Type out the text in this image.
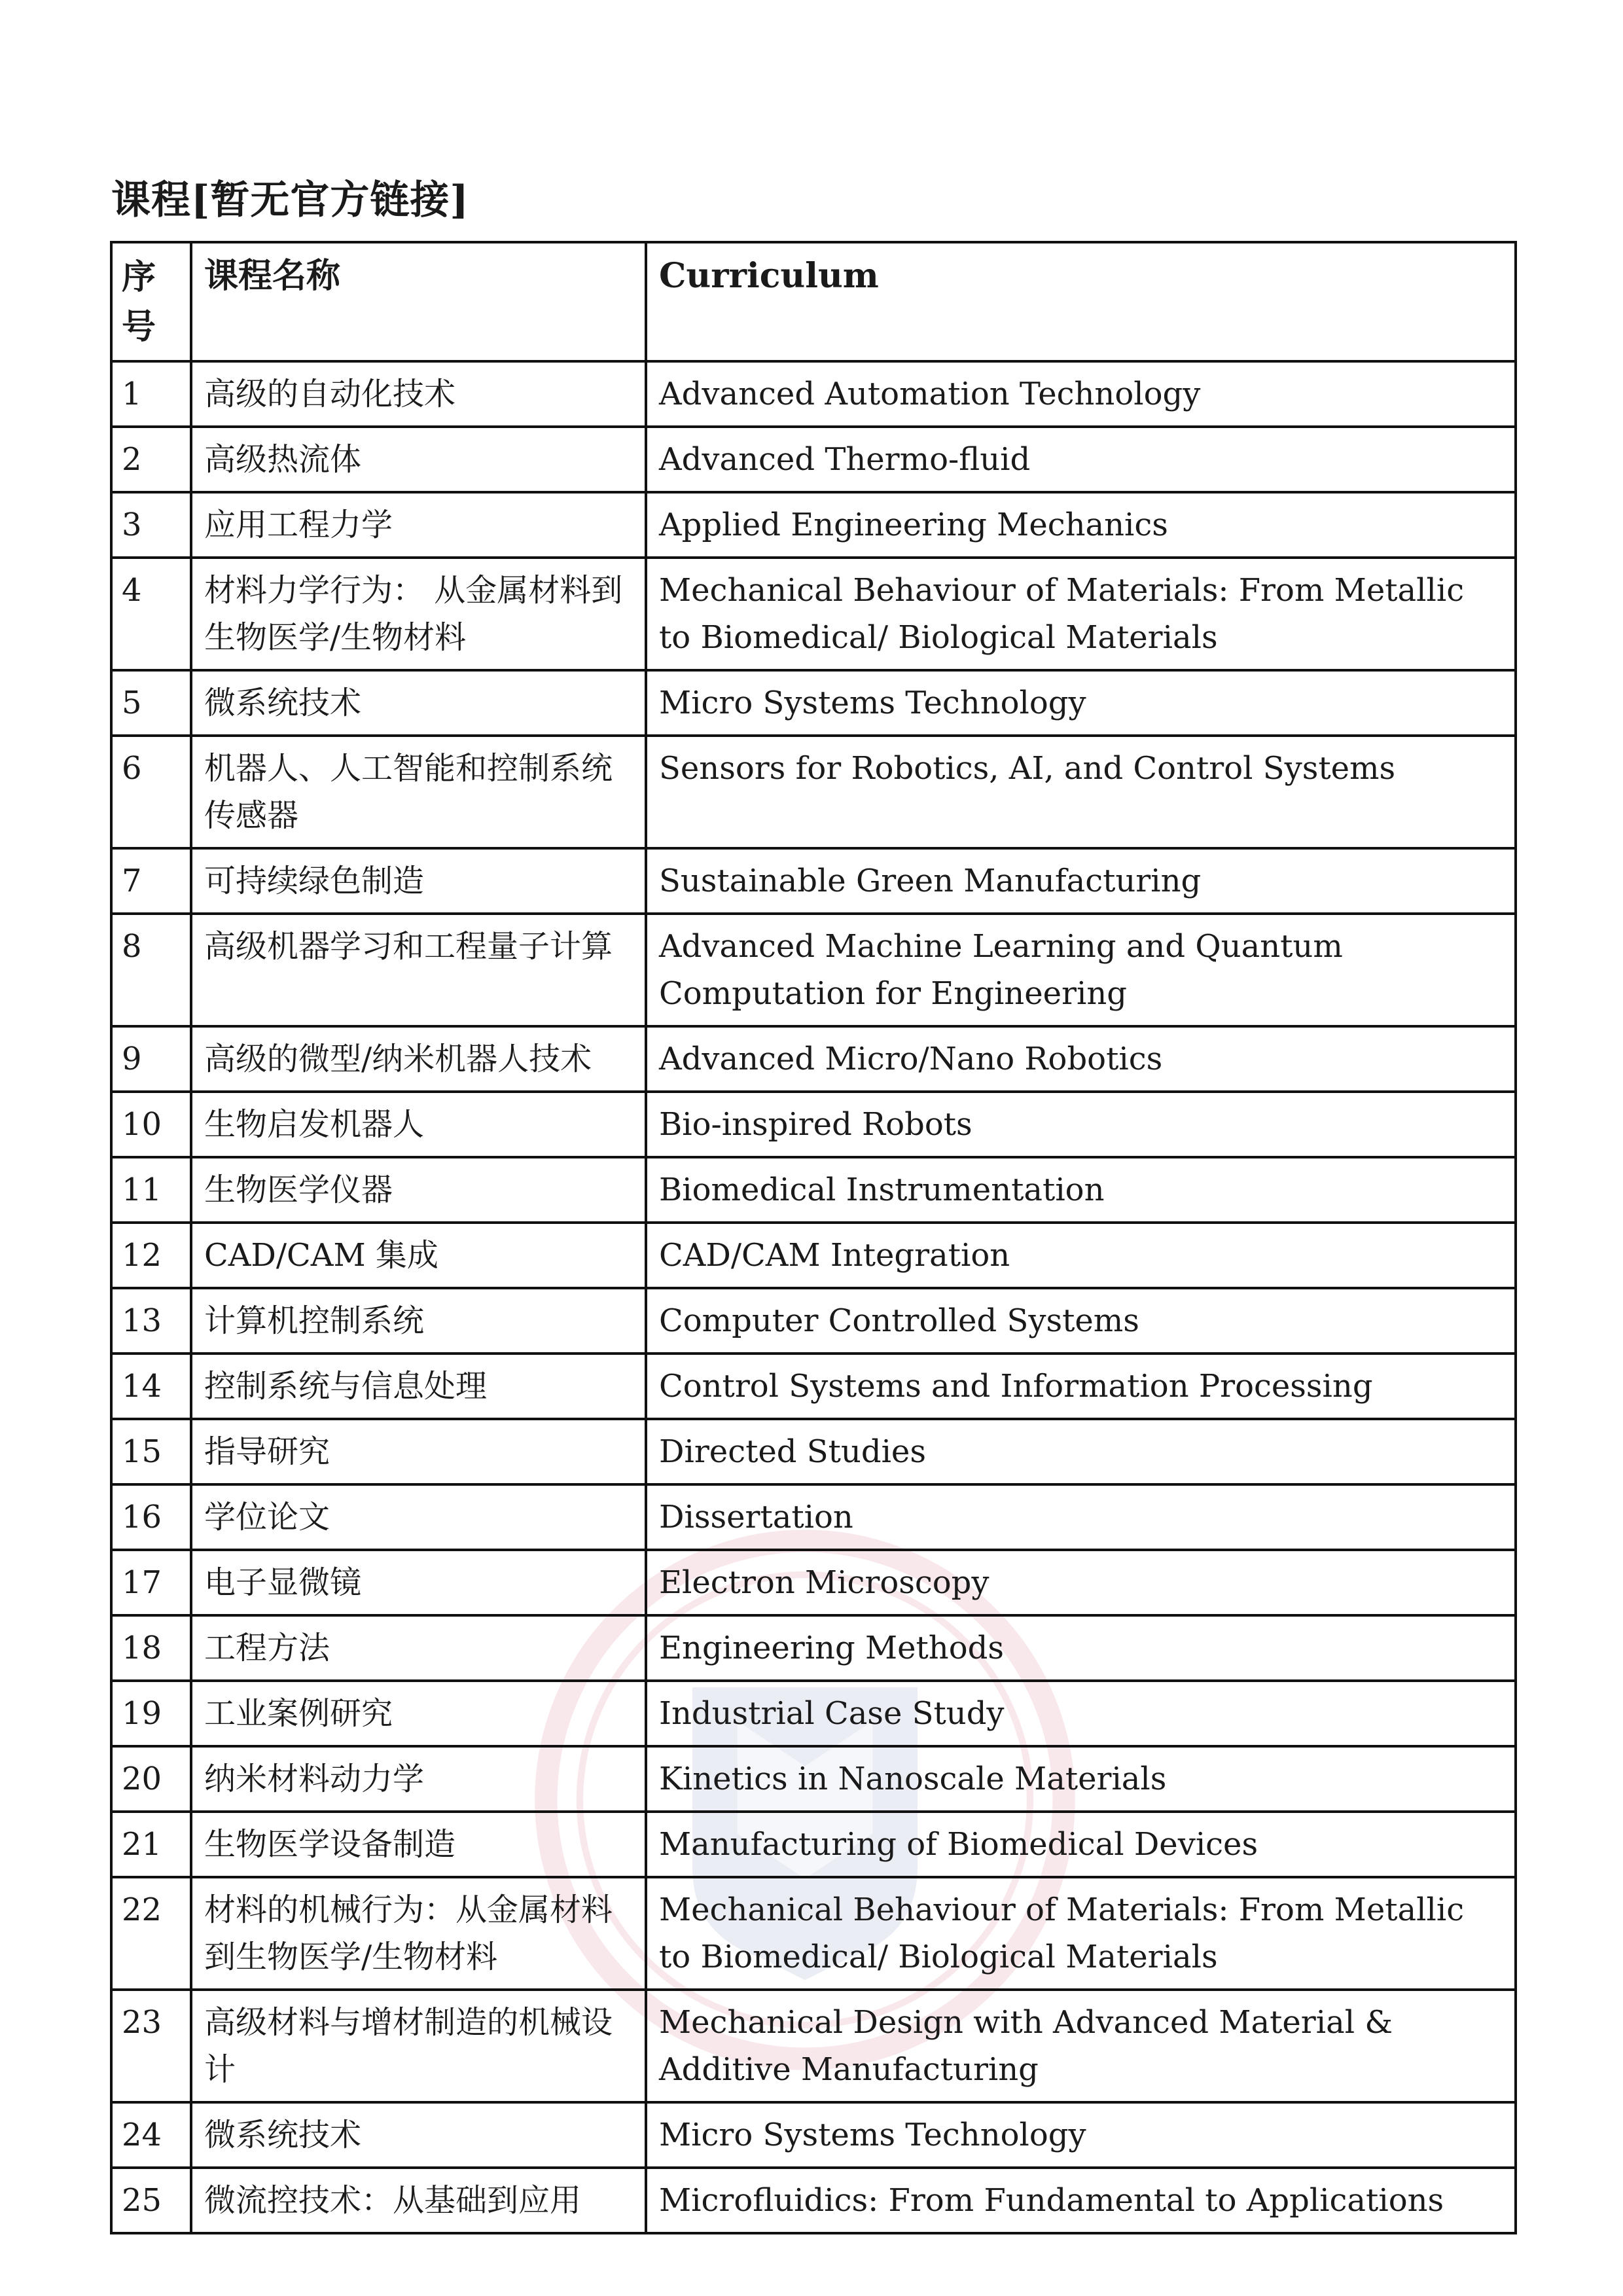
课程[暂无官方链接]
序号	课程名称	Curriculum
1	高级的自动化技术	Advanced Automation Technology
2	高级热流体	Advanced Thermo-fluid
3	应用工程力学	Applied Engineering Mechanics
4	材料力学行为： 从金属材料到生物医学/生物材料	Mechanical Behaviour of Materials: From Metallic to Biomedical/ Biological Materials
5	微系统技术	Micro Systems Technology
6	机器人、人工智能和控制系统传感器	Sensors for Robotics, AI, and Control Systems
7	可持续绿色制造	Sustainable Green Manufacturing
8	高级机器学习和工程量子计算	Advanced Machine Learning and Quantum Computation for Engineering
9	高级的微型/纳米机器人技术	Advanced Micro/Nano Robotics
10	生物启发机器人	Bio-inspired Robots
11	生物医学仪器	Biomedical Instrumentation
12	CAD/CAM 集成	CAD/CAM Integration
13	计算机控制系统	Computer Controlled Systems
14	控制系统与信息处理	Control Systems and Information Processing
15	指导研究	Directed Studies
16	学位论文	Dissertation
17	电子显微镜	Electron Microscopy
18	工程方法	Engineering Methods
19	工业案例研究	Industrial Case Study
20	纳米材料动力学	Kinetics in Nanoscale Materials
21	生物医学设备制造	Manufacturing of Biomedical Devices
22	材料的机械行为：从金属材料到生物医学/生物材料	Mechanical Behaviour of Materials: From Metallic to Biomedical/ Biological Materials
23	高级材料与增材制造的机械设计	Mechanical Design with Advanced Material & Additive Manufacturing
24	微系统技术	Micro Systems Technology
25	微流控技术：从基础到应用	Microfluidics: From Fundamental to Applications
